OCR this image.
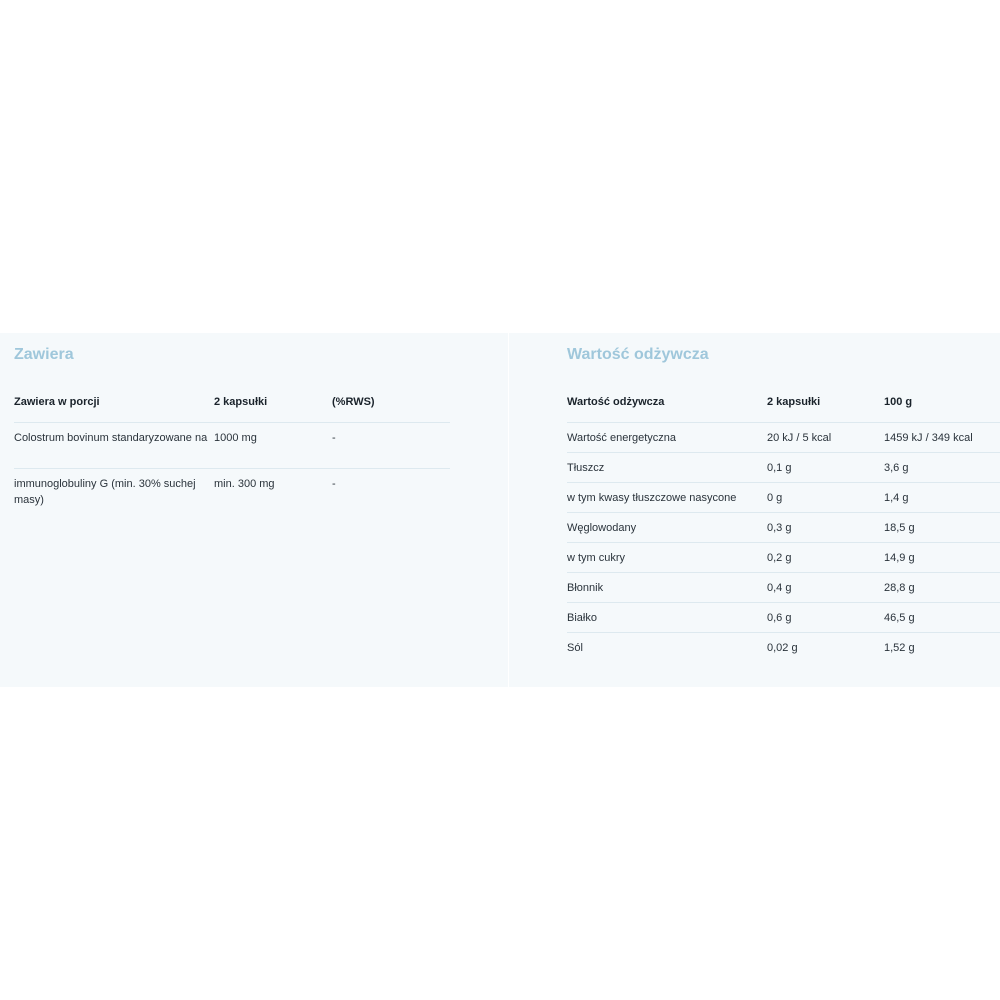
Zawiera
Zawiera w porcji	2 kapsułki	(%RWS)
Colostrum bovinum standaryzowane na	1000 mg	-
immunoglobuliny G (min. 30% suchej masy)	min. 300 mg	-
Wartość odżywcza
Wartość odżywcza	2 kapsułki	100 g
Wartość energetyczna	20 kJ / 5 kcal	1459 kJ / 349 kcal
Tłuszcz	0,1 g	3,6 g
w tym kwasy tłuszczowe nasycone	0 g	1,4 g
Węglowodany	0,3 g	18,5 g
w tym cukry	0,2 g	14,9 g
Błonnik	0,4 g	28,8 g
Białko	0,6 g	46,5 g
Sól	0,02 g	1,52 g
